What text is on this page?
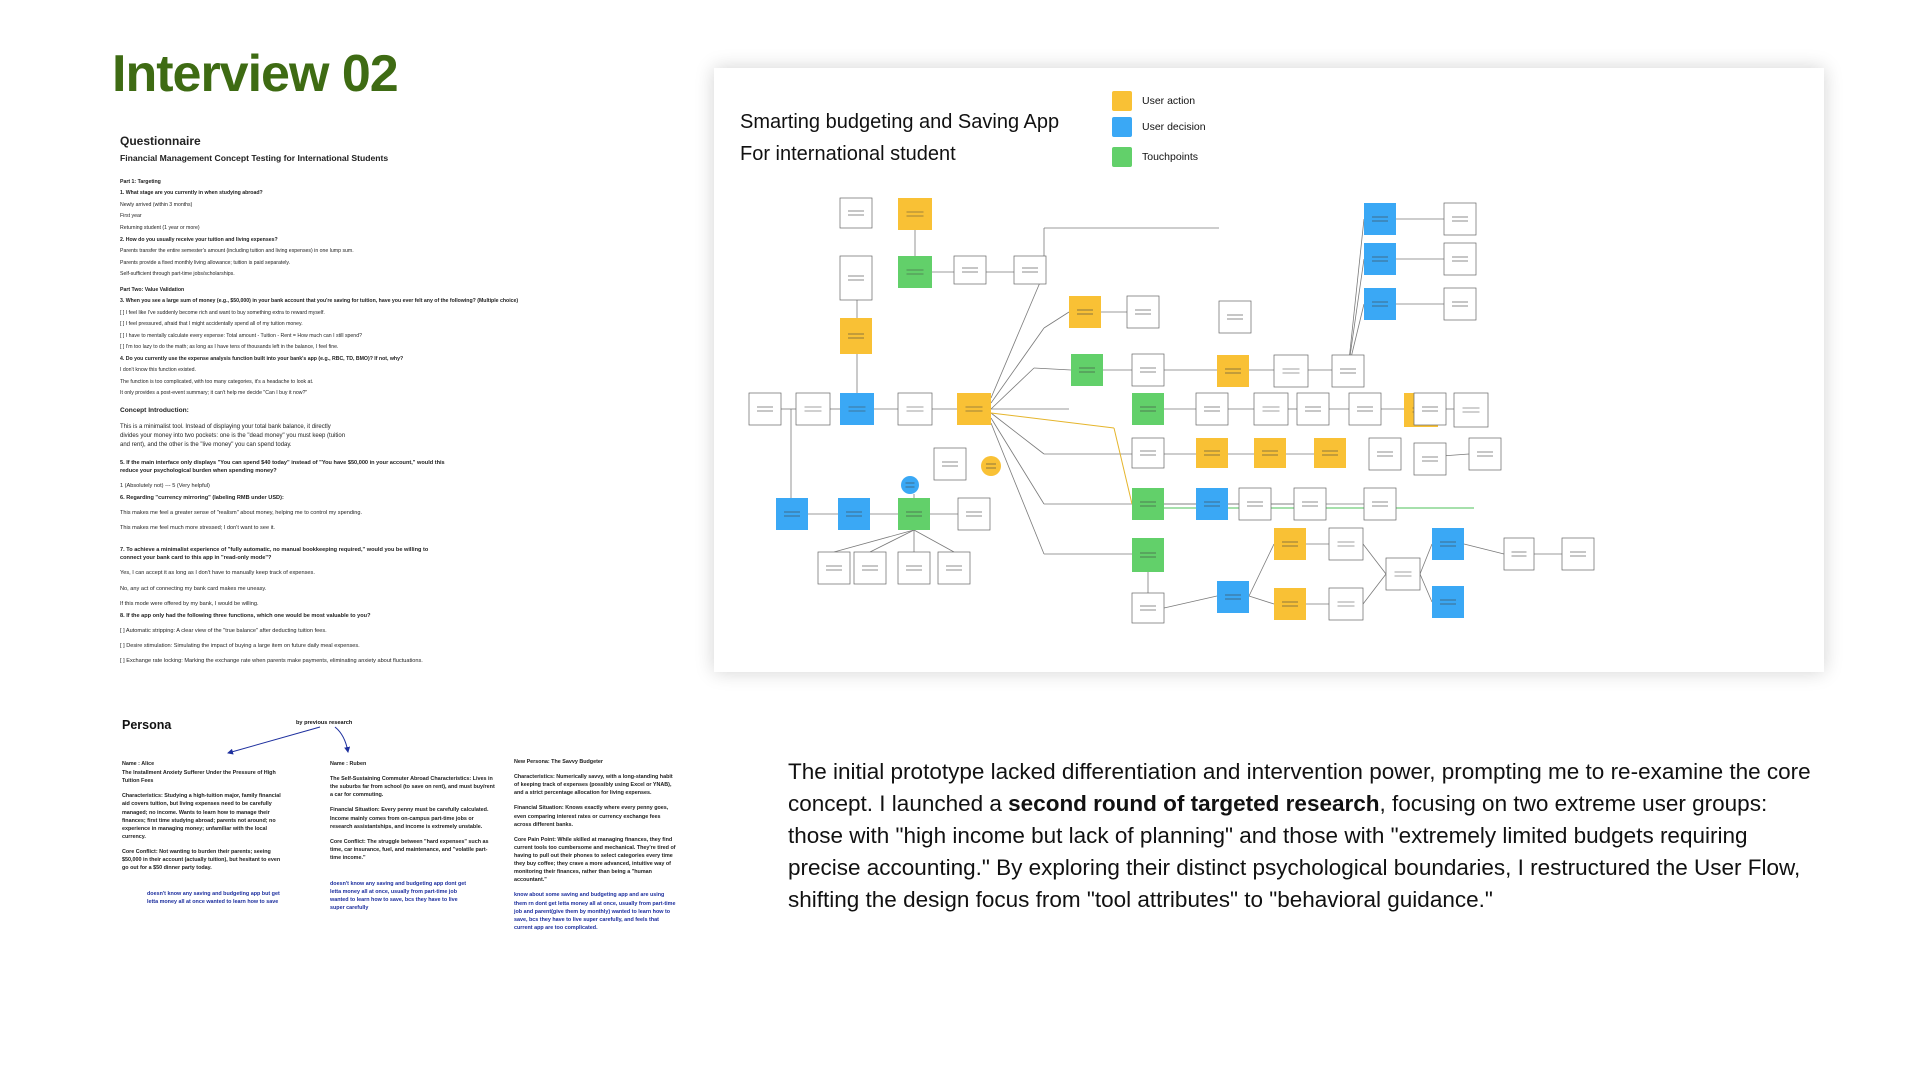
Interview 02
Questionnaire
Financial Management Concept Testing for International Students
Part 1: Targeting
1. What stage are you currently in when studying abroad?
Newly arrived (within 3 months)
First year
Returning student (1 year or more)
2. How do you usually receive your tuition and living expenses?
Parents transfer the entire semester's amount (including tuition and living expenses) in one lump sum.
Parents provide a fixed monthly living allowance; tuition is paid separately.
Self-sufficient through part-time jobs/scholarships.
Part Two: Value Validation
3. When you see a large sum of money (e.g., $50,000) in your bank account that you're saving for tuition, have you ever felt any of the following? (Multiple choice)
[ ] I feel like I've suddenly become rich and want to buy something extra to reward myself.
[ ] I feel pressured, afraid that I might accidentally spend all of my tuition money.
[ ] I have to mentally calculate every expense: Total amount - Tuition - Rent = How much can I still spend?
[ ] I'm too lazy to do the math; as long as I have tens of thousands left in the balance, I feel fine.
4. Do you currently use the expense analysis function built into your bank's app (e.g., RBC, TD, BMO)? If not, why?
I don't know this function existed.
The function is too complicated, with too many categories, it's a headache to look at.
It only provides a post-event summary; it can't help me decide "Can I buy it now?"
Concept Introduction:
This is a minimalist tool. Instead of displaying your total bank balance, it directly divides your money into two pockets: one is the "dead money" you must keep (tuition and rent), and the other is the "live money" you can spend today.
5. If the main interface only displays "You can spend $40 today" instead of "You have $50,000 in your account," would this reduce your psychological burden when spending money?
1 (Absolutely not) --- 5 (Very helpful)
6. Regarding "currency mirroring" (labeling RMB under USD):
This makes me feel a greater sense of "realism" about money, helping me to control my spending.
This makes me feel much more stressed; I don't want to see it.
7. To achieve a minimalist experience of "fully automatic, no manual bookkeeping required," would you be willing to connect your bank card to this app in "read-only mode"?
Yes, I can accept it as long as I don't have to manually keep track of expenses.
No, any act of connecting my bank card makes me uneasy.
If this mode were offered by my bank, I would be willing.
8. If the app only had the following three functions, which one would be most valuable to you?
[ ] Automatic stripping: A clear view of the "true balance" after deducting tuition fees.
[ ] Desire stimulation: Simulating the impact of buying a large item on future daily meal expenses.
[ ] Exchange rate locking: Marking the exchange rate when parents make payments, eliminating anxiety about fluctuations.
Persona	by previous research

Name : Alice

The Installment Anxiety Sufferer Under the Pressure of High Tuition Fees

Characteristics: Studying a high-tuition major, family financial aid covers tuition, but living expenses need to be carefully managed; no income. Wants to learn how to manage their finances; first time studying abroad; parents not around; no experience in managing money; unfamiliar with the local currency.

Core Conflict: Not wanting to burden their parents; seeing $50,000 in their account (actually tuition), but hesitant to even go out for a $50 dinner party today.

doesn't know any saving and budgeting app but get letta money all at once wanted to learn how to save

Name : Ruben

The Self-Sustaining Commuter Abroad Characteristics: Lives in the suburbs far from school (to save on rent), and must buy/rent a car for commuting.

Financial Situation: Every penny must be carefully calculated. Income mainly comes from on-campus part-time jobs or research assistantships, and income is extremely unstable.

Core Conflict: The struggle between "hard expenses" such as time, car insurance, fuel, and maintenance, and "volatile part-time income."

doesn't know any saving and budgeting app dont get letta money all at once, usually from part-time job wanted to learn how to save, bcs they have to live super carefully

New Persona: The Savvy Budgeter

Characteristics: Numerically savvy, with a long-standing habit of keeping track of expenses (possibly using Excel or YNAB), and a strict percentage allocation for living expenses.

Financial Situation: Knows exactly where every penny goes, even comparing interest rates or currency exchange fees across different banks.

Core Pain Point: While skilled at managing finances, they find current tools too cumbersome and mechanical. They're tired of having to pull out their phones to select categories every time they buy coffee; they crave a more advanced, intuitive way of monitoring their finances, rather than being a "human accountant."

know about some saving and budgeting app and are using them rn dont get letta money all at once, usually from part-time job and parent(give them by monthly) wanted to learn how to save, bcs they have to live super carefully, and feels that current app are too complicated.

Smarting budgeting and Saving App
For international student
User action
User decision
Touchpoints

The initial prototype lacked differentiation and intervention power, prompting me to re-examine the core concept. I launched a second round of targeted research, focusing on two extreme user groups: those with "high income but lack of planning" and those with "extremely limited budgets requiring precise accounting." By exploring their distinct psychological boundaries, I restructured the User Flow, shifting the design focus from "tool attributes" to "behavioral guidance."
